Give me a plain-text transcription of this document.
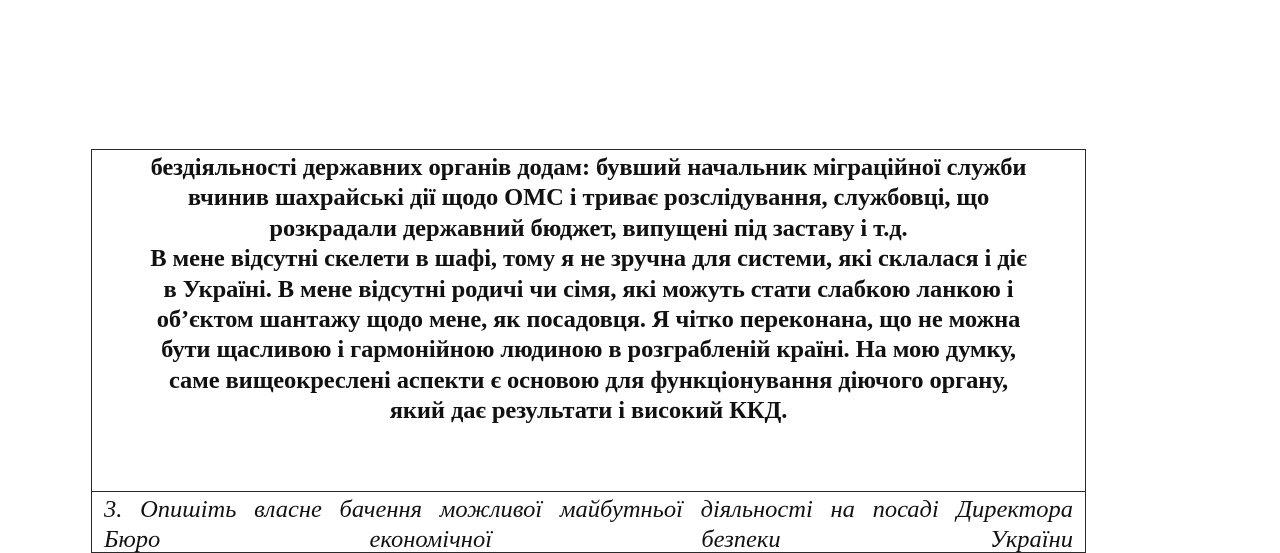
бездіяльності державних органів додам: бувший начальник міграційної служби
вчинив шахрайські дії щодо ОМС і триває розслідування, службовці, що
розкрадали державний бюджет, випущені під заставу і т.д.

В мене відсутні скелети в шафі, тому я не зручна для системи, які склалася і діє
в Україні. В мене відсутні родичі чи сімя, які можуть стати слабкою ланкою і
об’єктом шантажу щодо мене, як посадовця. Я чітко переконана, що не можна
бути щасливою і гармонійною людиною в розграбленій країні. На мою думку,
саме вищеокреслені аспекти є основою для функціонування діючого органу,
який дає результати і високий ККД.

3. Опишіть власне бачення можливої майбутньої діяльності на посаді Директора
Бюро економічної безпеки України
